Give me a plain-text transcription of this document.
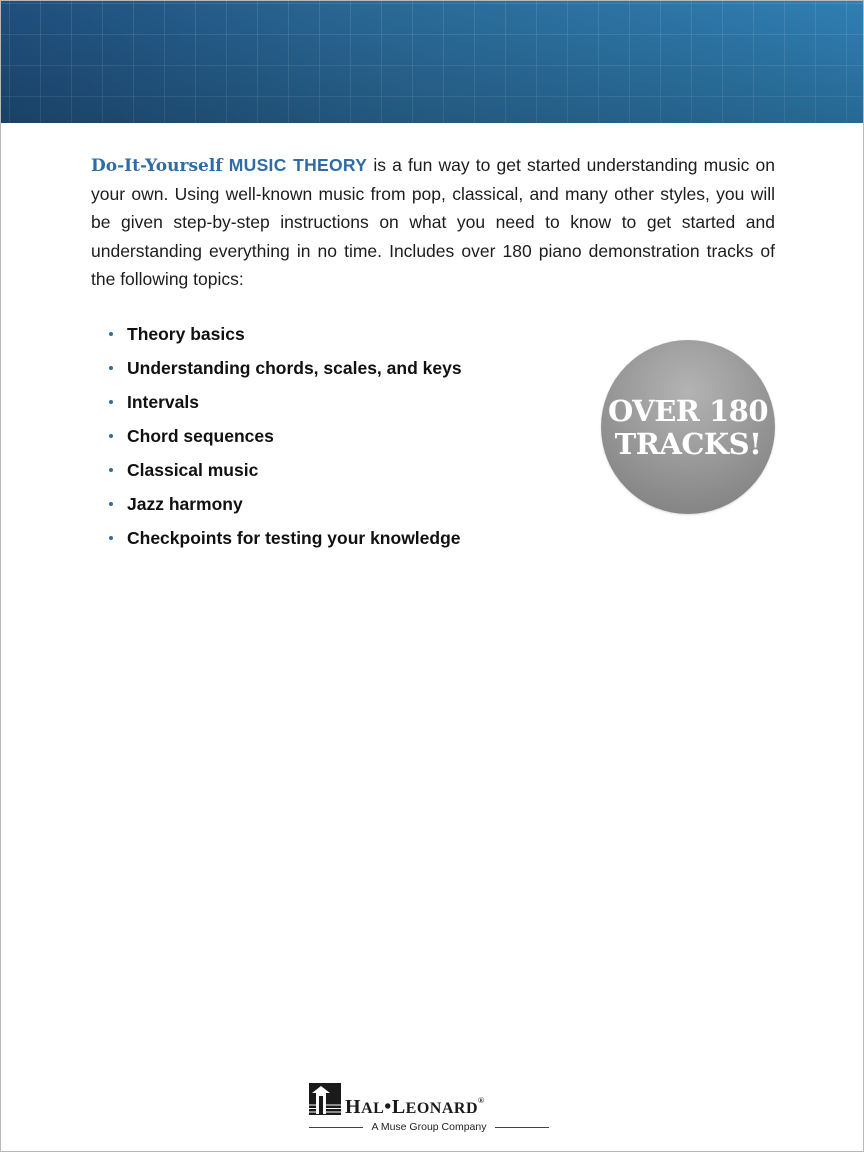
Do-It-Yourself MUSIC THEORY is a fun way to get started understanding music on your own. Using well-known music from pop, classical, and many other styles, you will be given step-by-step instructions on what you need to know to get started and understanding everything in no time. Includes over 180 piano demonstration tracks of the following topics:

Theory basics
Understanding chords, scales, and keys
Intervals
Chord sequences
Classical music
Jazz harmony
Checkpoints for testing your knowledge
OVER 180
TRACKS!
HAL•LEONARD®
A Muse Group Company
